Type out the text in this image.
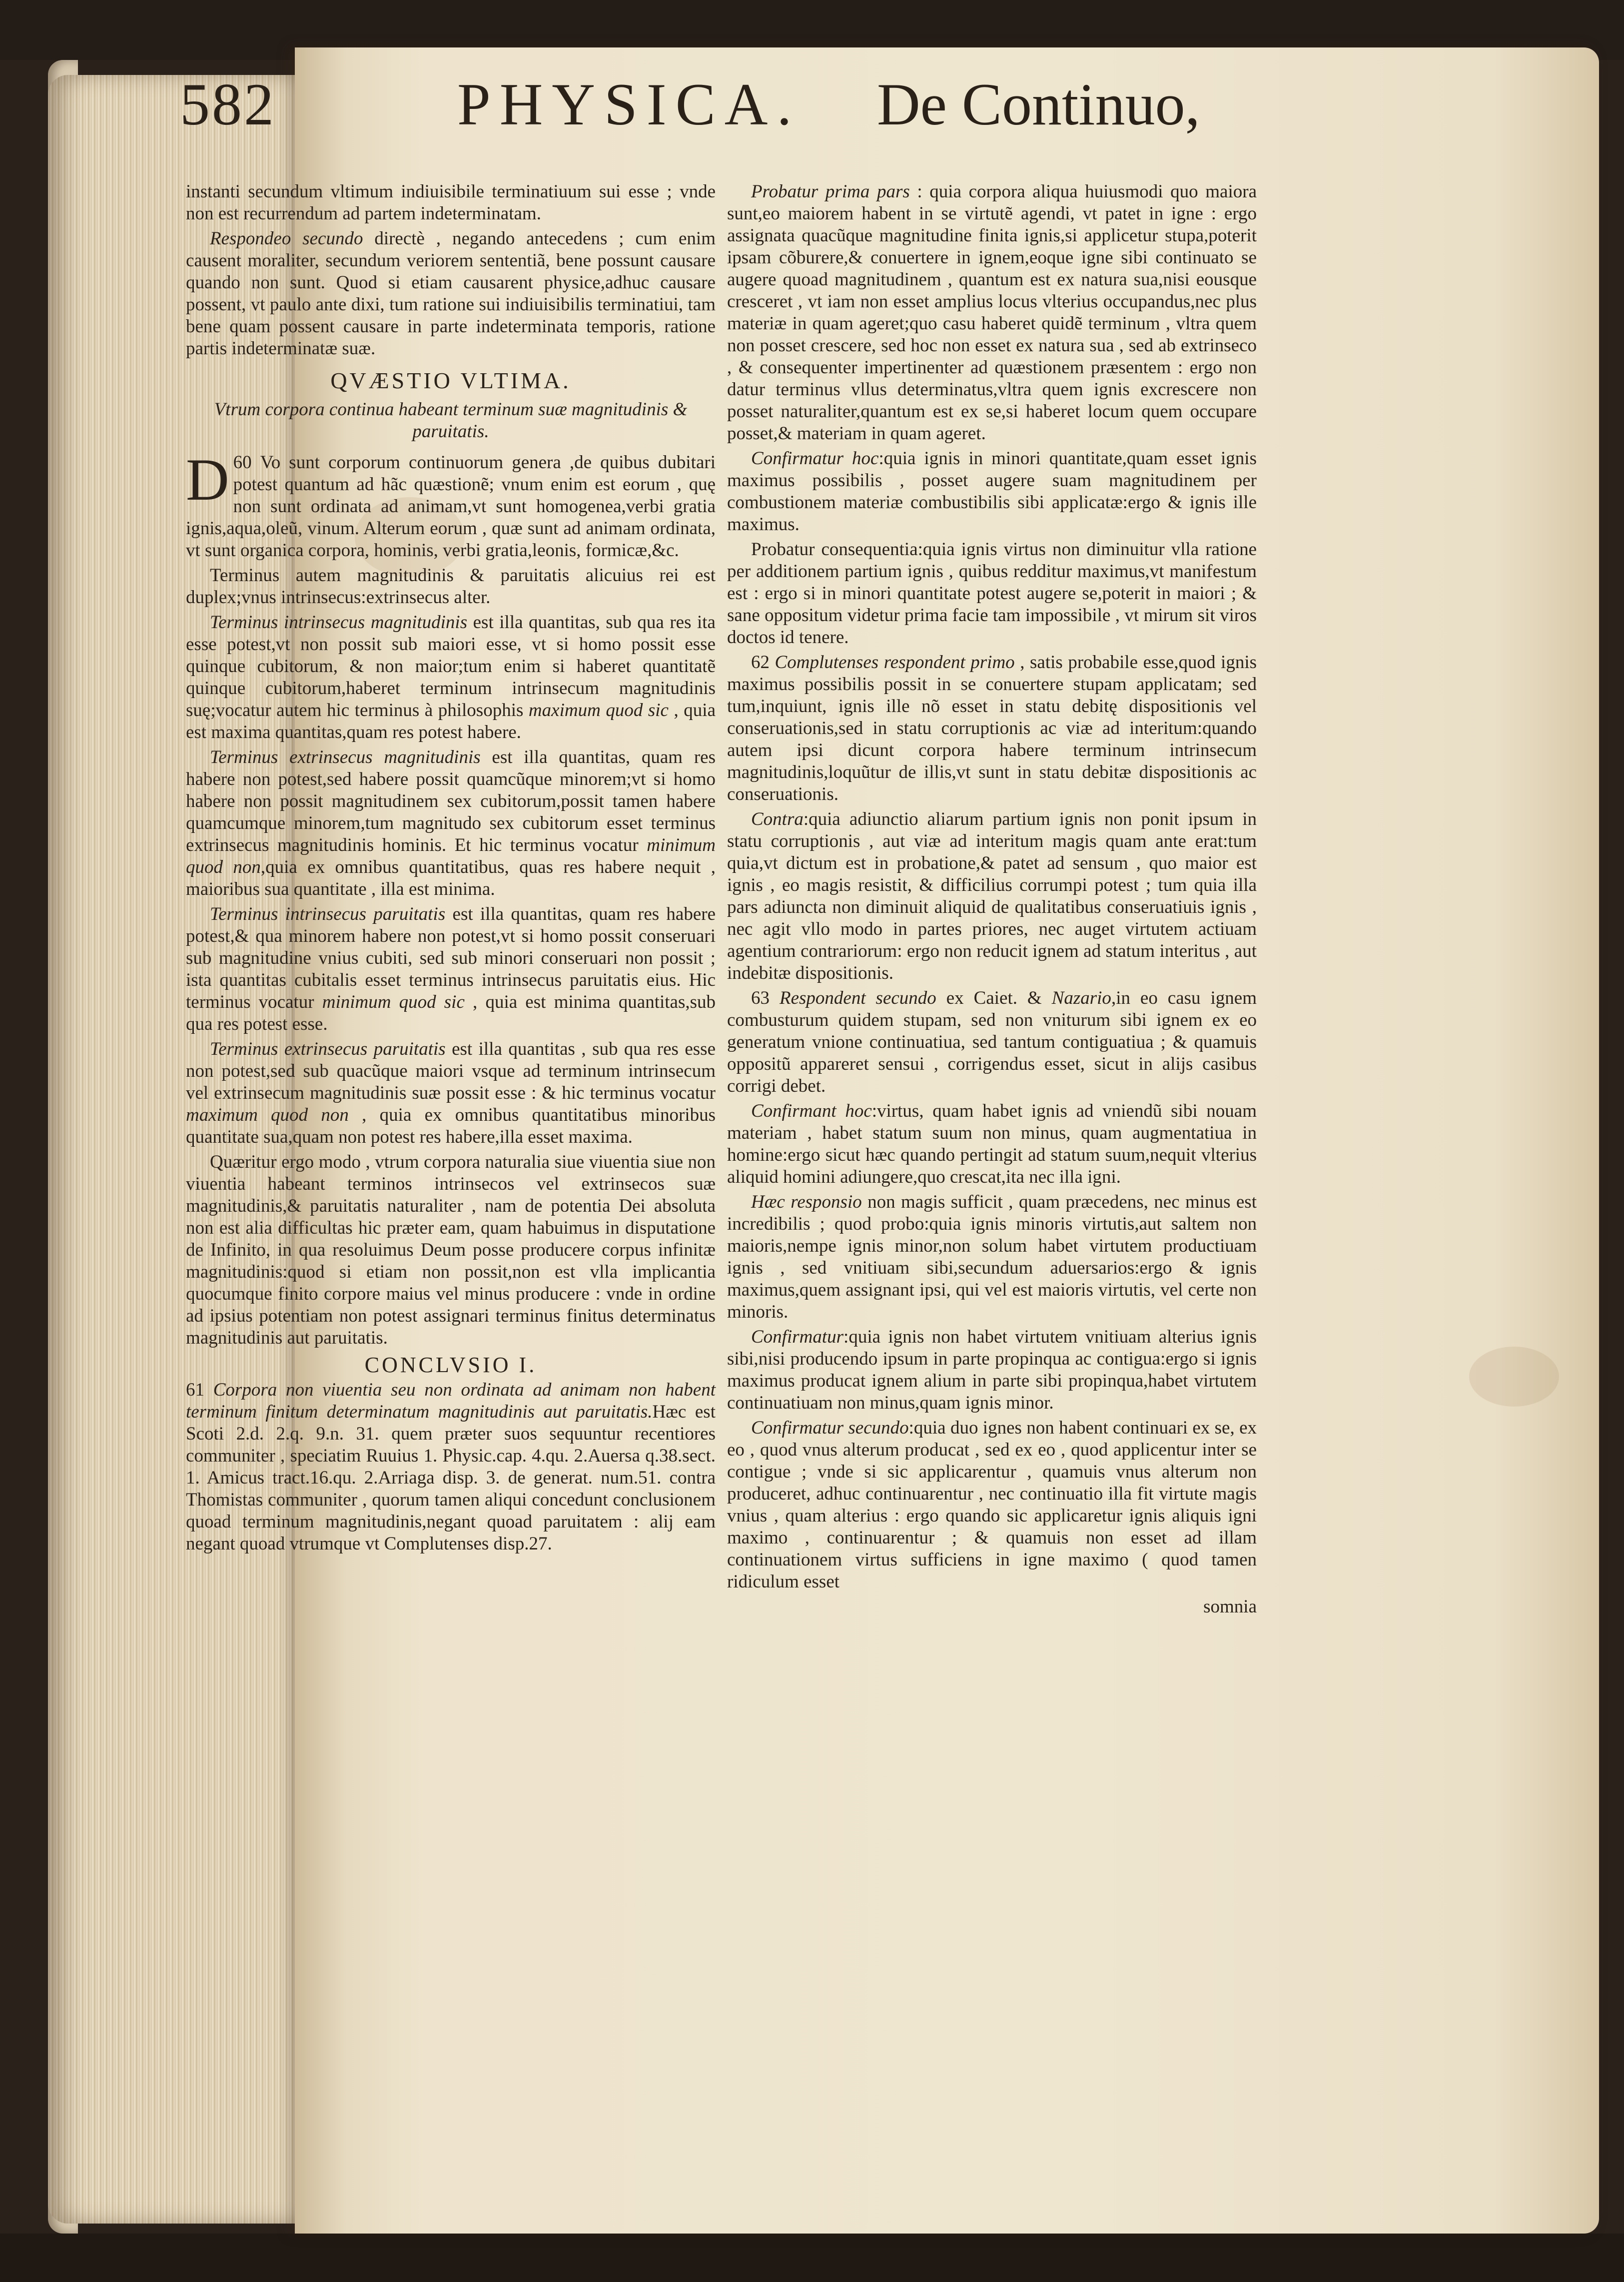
582	PHYSICA. De Continuo,

instanti secundum vltimum indiuisibile terminatiuum sui esse ; vnde non est recurrendum ad partem indeterminatam.

Respondeo secundo directè , negando antecedens ; cum enim causent moraliter, secundum veriorem sententiã, bene possunt causare quando non sunt. Quod si etiam causarent physice,adhuc causare possent, vt paulo ante dixi, tum ratione sui indiuisibilis terminatiui, tam bene quam possent causare in parte indeterminata temporis, ratione partis indeterminatæ suæ.

QVÆSTIO VLTIMA.
Vtrum corpora continua habeant terminum suæ magnitudinis & paruitatis.

60
D Vo sunt corporum continuorum genera ,de quibus dubitari potest quantum ad hãc quæstionẽ; vnum enim est eorum , quę non sunt ordinata ad animam,vt sunt homogenea,verbi gratia ignis,aqua,oleũ, vinum. Alterum eorum , quæ sunt ad animam ordinata, vt sunt organica corpora, hominis, verbi gratia,leonis, formicæ,&c.

Terminus autem magnitudinis & paruitatis alicuius rei est duplex;vnus intrinsecus:extrinsecus alter.

Terminus intrinsecus magnitudinis est illa quantitas, sub qua res ita esse potest,vt non possit sub maiori esse, vt si homo possit esse quinque cubitorum, & non maior;tum enim si haberet quantitatẽ quinque cubitorum,haberet terminum intrinsecum magnitudinis suę;vocatur autem hic terminus à philosophis maximum quod sic , quia est maxima quantitas,quam res potest habere.

Terminus extrinsecus magnitudinis est illa quantitas, quam res habere non potest,sed habere possit quamcũque minorem;vt si homo habere non possit magnitudinem sex cubitorum,possit tamen habere quamcumque minorem,tum magnitudo sex cubitorum esset terminus extrinsecus magnitudinis hominis. Et hic terminus vocatur minimum quod non,quia ex omnibus quantitatibus, quas res habere nequit , maioribus sua quantitate , illa est minima.

Terminus intrinsecus paruitatis est illa quantitas, quam res habere potest,& qua minorem habere non potest,vt si homo possit conseruari sub magnitudine vnius cubiti, sed sub minori conseruari non possit ; ista quantitas cubitalis esset terminus intrinsecus paruitatis eius. Hic terminus vocatur minimum quod sic , quia est minima quantitas,sub qua res potest esse.

Terminus extrinsecus paruitatis est illa quantitas , sub qua res esse non potest,sed sub quacũque maiori vsque ad terminum intrinsecum vel extrinsecum magnitudinis suæ possit esse : & hic terminus vocatur maximum quod non , quia ex omnibus quantitatibus minoribus quantitate sua,quam non potest res habere,illa esset maxima.

Quæritur ergo modo , vtrum corpora naturalia siue viuentia siue non viuentia habeant terminos intrinsecos vel extrinsecos suæ magnitudinis,& paruitatis naturaliter , nam de potentia Dei absoluta non est alia difficultas hic præter eam, quam habuimus in disputatione de Infinito, in qua resoluimus Deum posse producere corpus infinitæ magnitudinis:quod si etiam non possit,non est vlla implicantia quocumque finito corpore maius vel minus producere : vnde in ordine ad ipsius potentiam non potest assignari terminus finitus determinatus magnitudinis aut paruitatis.

CONCLVSIO I.

61 Corpora non viuentia seu non ordinata ad animam non habent terminum finitum determinatum magnitudinis aut paruitatis.Hæc est Scoti 2.d. 2.q. 9.n. 31. quem præter suos sequuntur recentiores communiter , speciatim Ruuius 1. Physic.cap. 4.qu. 2.Auersa q.38.sect. 1. Amicus tract.16.qu. 2.Arriaga disp. 3. de generat. num.51. contra Thomistas communiter , quorum tamen aliqui concedunt conclusionem quoad terminum magnitudinis,negant quoad paruitatem : alij eam negant quoad vtrumque vt Complutenses disp.27.

Probatur prima pars : quia corpora aliqua huiusmodi quo maiora sunt,eo maiorem habent in se virtutẽ agendi, vt patet in igne : ergo assignata quacũque magnitudine finita ignis,si applicetur stupa,poterit ipsam cõburere,& conuertere in ignem,eoque igne sibi continuato se augere quoad magnitudinem , quantum est ex natura sua,nisi eousque cresceret , vt iam non esset amplius locus vlterius occupandus,nec plus materiæ in quam ageret;quo casu haberet quidẽ terminum , vltra quem non posset crescere, sed hoc non esset ex natura sua , sed ab extrinseco , & consequenter impertinenter ad quæstionem præsentem : ergo non datur terminus vllus determinatus,vltra quem ignis excrescere non posset naturaliter,quantum est ex se,si haberet locum quem occupare posset,& materiam in quam ageret.

Confirmatur hoc:quia ignis in minori quantitate,quam esset ignis maximus possibilis , posset augere suam magnitudinem per combustionem materiæ combustibilis sibi applicatæ:ergo & ignis ille maximus.

Probatur consequentia:quia ignis virtus non diminuitur vlla ratione per additionem partium ignis , quibus redditur maximus,vt manifestum est : ergo si in minori quantitate potest augere se,poterit in maiori ; & sane oppositum videtur prima facie tam impossibile , vt mirum sit viros doctos id tenere.

62 Complutenses respondent primo , satis probabile esse,quod ignis maximus possibilis possit in se conuertere stupam applicatam; sed tum,inquiunt, ignis ille nõ esset in statu debitę dispositionis vel conseruationis,sed in statu corruptionis ac viæ ad interitum:quando autem ipsi dicunt corpora habere terminum intrinsecum magnitudinis,loquũtur de illis,vt sunt in statu debitæ dispositionis ac conseruationis.

Contra:quia adiunctio aliarum partium ignis non ponit ipsum in statu corruptionis , aut viæ ad interitum magis quam ante erat:tum quia,vt dictum est in probatione,& patet ad sensum , quo maior est ignis , eo magis resistit, & difficilius corrumpi potest ; tum quia illa pars adiuncta non diminuit aliquid de qualitatibus conseruatiuis ignis , nec agit vllo modo in partes priores, nec auget virtutem actiuam agentium contrariorum: ergo non reducit ignem ad statum interitus , aut indebitæ dispositionis.

63 Respondent secundo ex Caiet. & Nazario,in eo casu ignem combusturum quidem stupam, sed non vniturum sibi ignem ex eo generatum vnione continuatiua, sed tantum contiguatiua ; & quamuis oppositũ appareret sensui , corrigendus esset, sicut in alijs casibus corrigi debet.

Confirmant hoc:virtus, quam habet ignis ad vniendũ sibi nouam materiam , habet statum suum non minus, quam augmentatiua in homine:ergo sicut hæc quando pertingit ad statum suum,nequit vlterius aliquid homini adiungere,quo crescat,ita nec illa igni.

Hæc responsio non magis sufficit , quam præcedens, nec minus est incredibilis ; quod probo:quia ignis minoris virtutis,aut saltem non maioris,nempe ignis minor,non solum habet virtutem productiuam ignis , sed vnitiuam sibi,secundum aduersarios:ergo & ignis maximus,quem assignant ipsi, qui vel est maioris virtutis, vel certe non minoris.

Confirmatur:quia ignis non habet virtutem vnitiuam alterius ignis sibi,nisi producendo ipsum in parte propinqua ac contigua:ergo si ignis maximus producat ignem alium in parte sibi propinqua,habet virtutem continuatiuam non minus,quam ignis minor.

Confirmatur secundo:quia duo ignes non habent continuari ex se, ex eo , quod vnus alterum producat , sed ex eo , quod applicentur inter se contigue ; vnde si sic applicarentur , quamuis vnus alterum non produceret, adhuc continuarentur , nec continuatio illa fit virtute magis vnius , quam alterius : ergo quando sic applicaretur ignis aliquis igni maximo , continuarentur ; & quamuis non esset ad illam continuationem virtus sufficiens in igne maximo ( quod tamen ridiculum esset

somnia
